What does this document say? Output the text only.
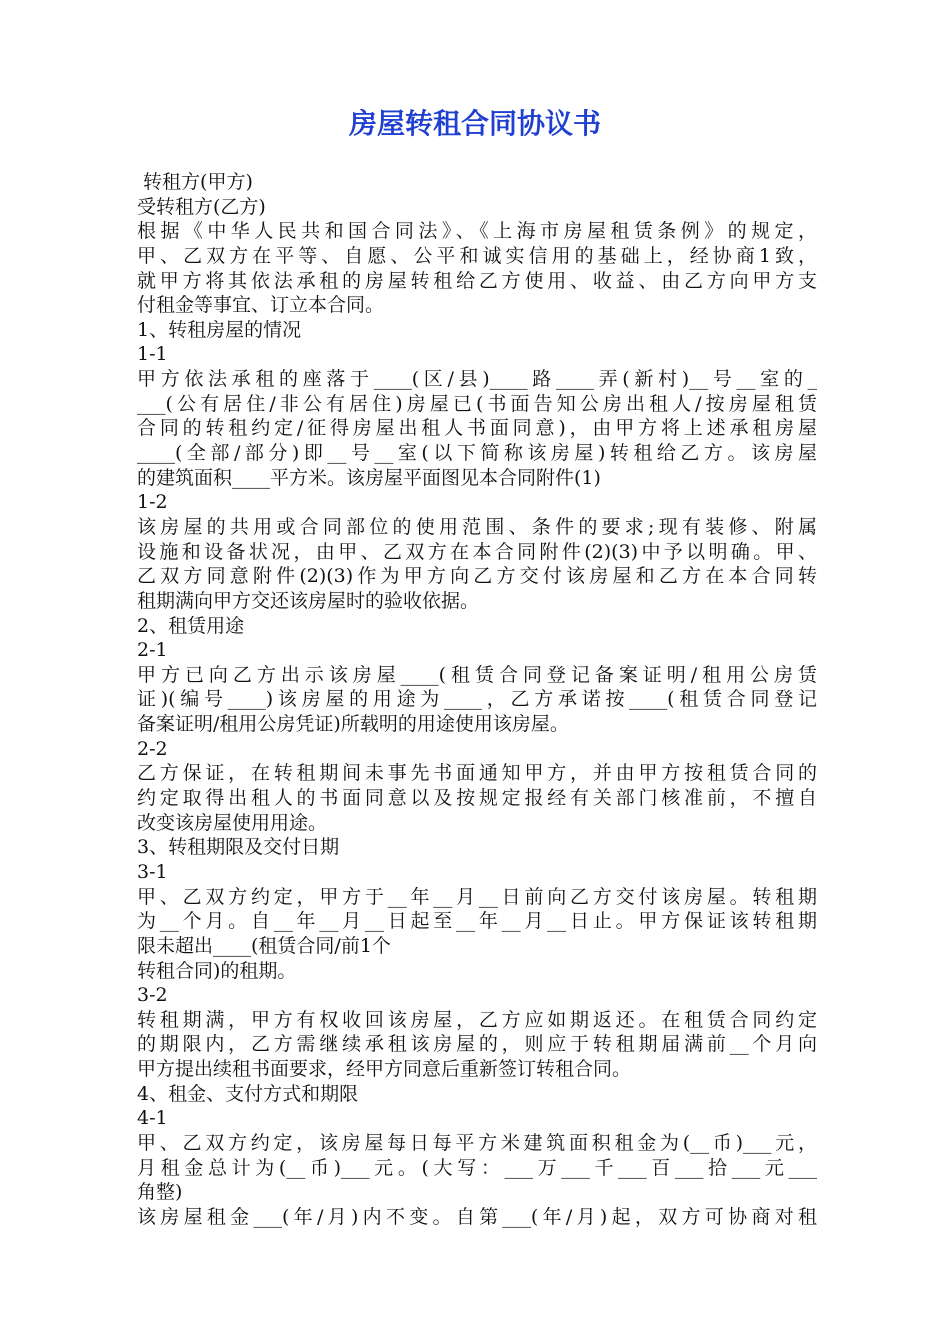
房屋转租合同协议书
转租方(甲方)
受转租方(乙方)
根据《中华人民共和国合同法》、《上海市房屋租赁条例》的规定，
甲、乙双方在平等、自愿、公平和诚实信用的基础上，经协商1致，
就甲方将其依法承租的房屋转租给乙方使用、收益、由乙方向甲方支
付租金等事宜、订立本合同。
1、转租房屋的情况
1-1
甲方依法承租的座落于____(区/县)____路____弄(新村)__号__室的_
___(公有居住/非公有居住)房屋已(书面告知公房出租人/按房屋租赁
合同的转租约定/征得房屋出租人书面同意)，由甲方将上述承租房屋
____(全部/部分)即__号__室(以下简称该房屋)转租给乙方。该房屋
的建筑面积____平方米。该房屋平面图见本合同附件(1)
1-2
该房屋的共用或合同部位的使用范围、条件的要求;现有装修、附属
设施和设备状况，由甲、乙双方在本合同附件(2)(3)中予以明确。甲、
乙双方同意附件(2)(3)作为甲方向乙方交付该房屋和乙方在本合同转
租期满向甲方交还该房屋时的验收依据。
2、租赁用途
2-1
甲方已向乙方出示该房屋____(租赁合同登记备案证明/租用公房赁
证)(编号____)该房屋的用途为____，乙方承诺按____(租赁合同登记
备案证明/租用公房凭证)所载明的用途使用该房屋。
2-2
乙方保证，在转租期间未事先书面通知甲方，并由甲方按租赁合同的
约定取得出租人的书面同意以及按规定报经有关部门核准前，不擅自
改变该房屋使用用途。
3、转租期限及交付日期
3-1
甲、乙双方约定，甲方于__年__月__日前向乙方交付该房屋。转租期
为__个月。自__年__月__日起至__年__月__日止。甲方保证该转租期
限未超出____(租赁合同/前1个
转租合同)的租期。
3-2
转租期满，甲方有权收回该房屋，乙方应如期返还。在租赁合同约定
的期限内，乙方需继续承租该房屋的，则应于转租期届满前__个月向
甲方提出续租书面要求，经甲方同意后重新签订转租合同。
4、租金、支付方式和期限
4-1
甲、乙双方约定，该房屋每日每平方米建筑面积租金为(__币)___元，
月租金总计为(__币)___元。(大写：___万___千___百___拾___元___
角整)
该房屋租金___(年/月)内不变。自第___(年/月)起，双方可协商对租
